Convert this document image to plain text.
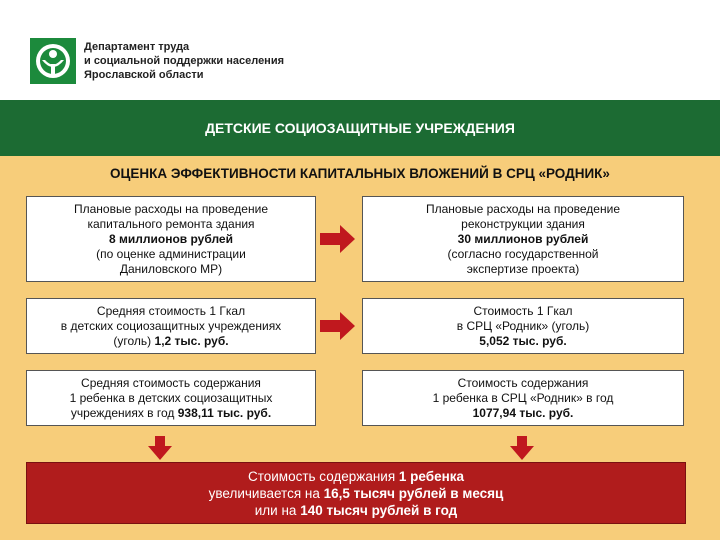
Департамент труда
и социальной поддержки населения
Ярославской области
ДЕТСКИЕ СОЦИОЗАЩИТНЫЕ УЧРЕЖДЕНИЯ
ОЦЕНКА ЭФФЕКТИВНОСТИ КАПИТАЛЬНЫХ ВЛОЖЕНИЙ В СРЦ «РОДНИК»
Плановые расходы на проведение
капитального ремонта здания
8 миллионов рублей
(по оценке администрации
Даниловского МР)
Плановые расходы на проведение
реконструкции здания
30 миллионов рублей
(согласно государственной
экспертизе проекта)
Средняя стоимость 1 Гкал
в детских социозащитных учреждениях
(уголь) 1,2 тыс. руб.
Стоимость 1 Гкал
в СРЦ «Родник» (уголь)
5,052 тыс. руб.
Средняя стоимость содержания
1 ребенка в детских социозащитных
учреждениях в год 938,11 тыс. руб.
Стоимость содержания
1 ребенка в СРЦ «Родник» в год
1077,94 тыс. руб.
Стоимость содержания 1 ребенка
увеличивается на 16,5 тысяч рублей в месяц
или на 140 тысяч рублей в год
